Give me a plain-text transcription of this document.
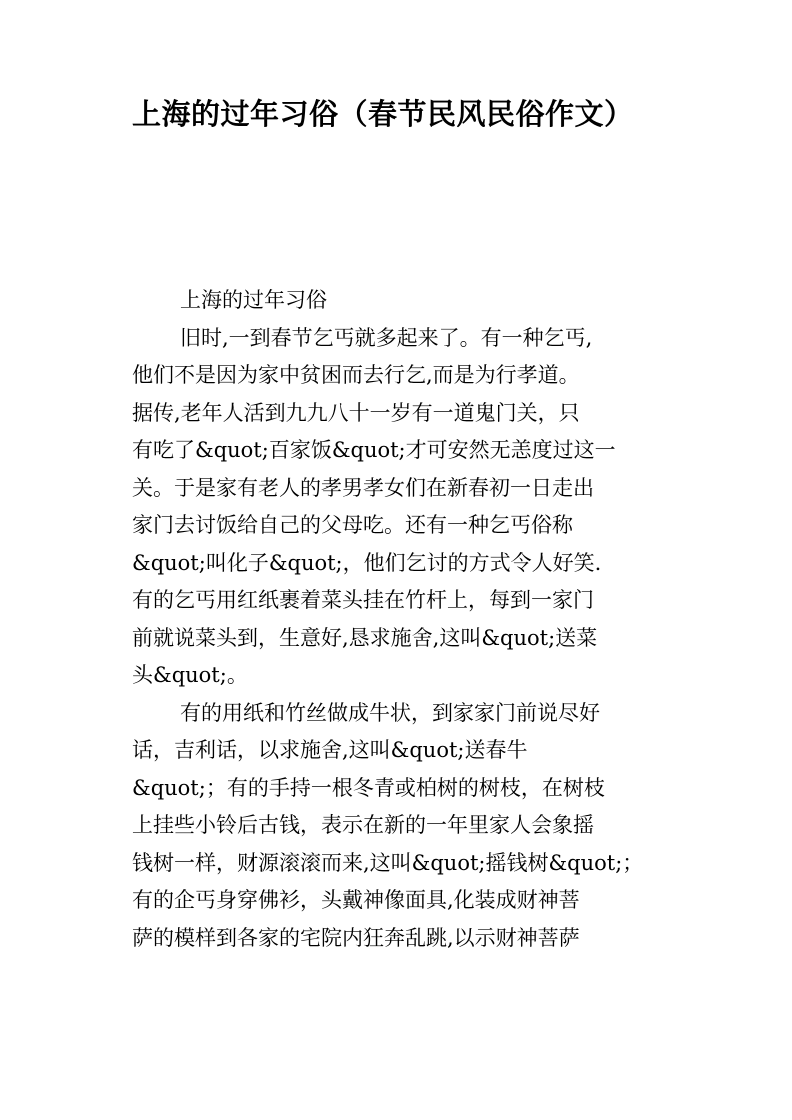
上海的过年习俗（春节民风民俗作文）
上海的过年习俗
旧时,一到春节乞丐就多起来了。有一种乞丐,
他们不是因为家中贫困而去行乞,而是为行孝道。
据传,老年人活到九九八十一岁有一道鬼门关，只
有吃了&quot;百家饭&quot;才可安然无恙度过这一
关。于是家有老人的孝男孝女们在新春初一日走出
家门去讨饭给自己的父母吃。还有一种乞丐俗称
&quot;叫化子&quot;，他们乞讨的方式令人好笑.
有的乞丐用红纸裹着菜头挂在竹杆上，每到一家门
前就说菜头到，生意好,恳求施舍,这叫&quot;送菜
头&quot;。
有的用纸和竹丝做成牛状，到家家门前说尽好
话，吉利话，以求施舍,这叫&quot;送春牛
&quot;；有的手持一根冬青或柏树的树枝，在树枝
上挂些小铃后古钱，表示在新的一年里家人会象摇
钱树一样，财源滚滚而来,这叫&quot;摇钱树&quot;；
有的企丐身穿佛衫，头戴神像面具,化装成财神菩
萨的模样到各家的宅院内狂奔乱跳,以示财神菩萨
